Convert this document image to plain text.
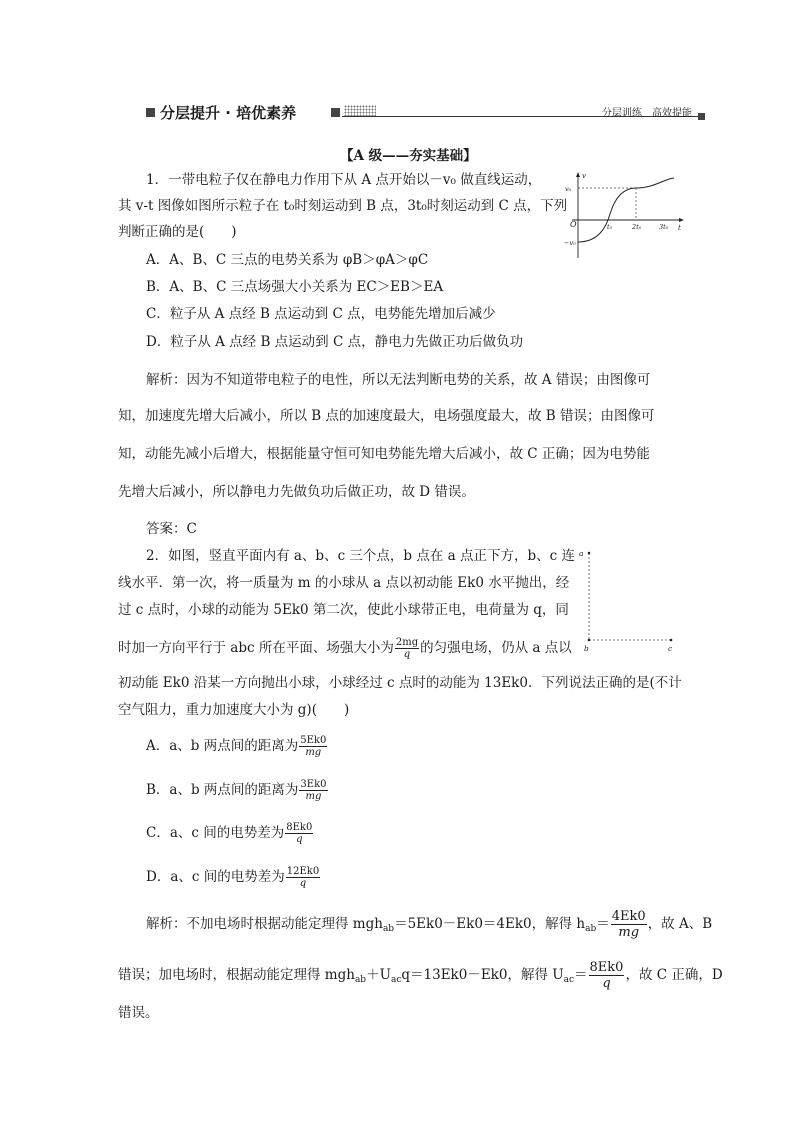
分层提升 · 培优素养	分层训练　高效提能
【A 级——夯实基础】
1．一带电粒子仅在静电力作用下从 A 点开始以－v₀ 做直线运动，
其 v-t 图像如图所示粒子在 t₀时刻运动到 B 点，3t₀时刻运动到 C 点，下列
判断正确的是(　　)
A．A、B、C 三点的电势关系为 φB＞φA＞φC
B．A、B、C 三点场强大小关系为 EC＞EB＞EA
C．粒子从 A 点经 B 点运动到 C 点，电势能先增加后减少
D．粒子从 A 点经 B 点运动到 C 点，静电力先做正功后做负功
v
t
O
v₀
−v₀
t₀	2t₀	3t₀
解析：因为不知道带电粒子的电性，所以无法判断电势的关系，故 A 错误；由图像可
知，加速度先增大后减小，所以 B 点的加速度最大，电场强度最大，故 B 错误；由图像可
知，动能先减小后增大，根据能量守恒可知电势能先增大后减小，故 C 正确；因为电势能
先增大后减小，所以静电力先做负功后做正功，故 D 错误。
答案：C
2．如图，竖直平面内有 a、b、c 三个点，b 点在 a 点正下方，b、c 连
线水平．第一次，将一质量为 m 的小球从 a 点以初动能 Ek0 水平抛出，经
过 c 点时，小球的动能为 5Ek0 第二次，使此小球带正电，电荷量为 q，同
时加一方向平行于 abc 所在平面、场强大小为 $\frac{2mg}{q}$ 的匀强电场，仍从 a 点以
初动能 Ek0 沿某一方向抛出小球，小球经过 c 点时的动能为 13Ek0．下列说法正确的是(不计
空气阻力，重力加速度大小为 g)(　　)
a
b	c
A．a、b 两点间的距离为 $\frac{5Ek0}{mg}$
B．a、b 两点间的距离为 $\frac{3Ek0}{mg}$
C．a、c 间的电势差为 $\frac{8Ek0}{q}$
D．a、c 间的电势差为 $\frac{12Ek0}{q}$
解析：不加电场时根据动能定理得 mgh$_{ab}$＝5Ek0－Ek0＝4Ek0，解得 $h_{ab}= \frac{4Ek0}{mg}$ ，故 A、B
错误；加电场时，根据动能定理得 $mgh_{ab}+U_{ac}q=13Ek0-Ek0$，解得 $U_{ac}= \frac{8Ek0}{q}$ ，故 C 正确，D
错误。
